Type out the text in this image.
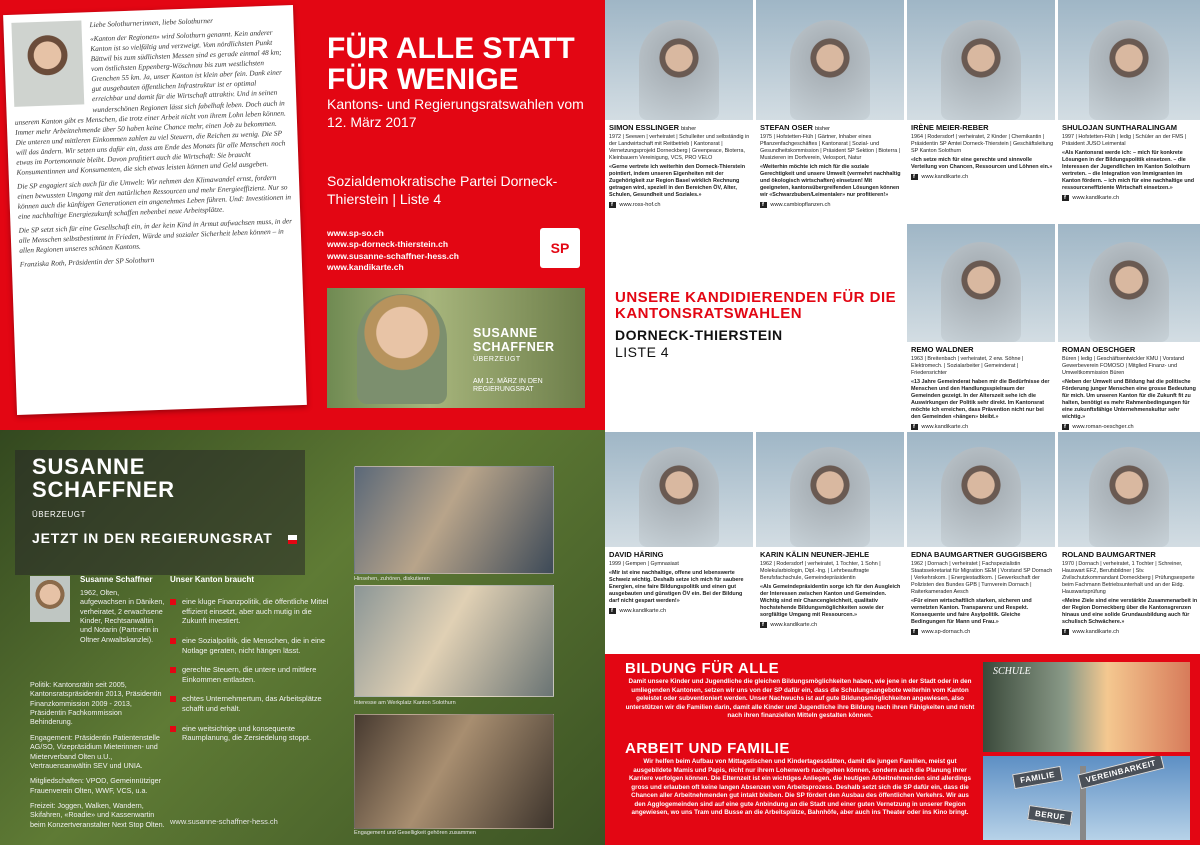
Liebe Solothurnerinnen, liebe Solothurner

«Kanton der Regionen» wird Solothurn genannt. Kein anderer Kanton ist so vielfältig und verzweigt. Vom nördlichsten Punkt Bättwil bis zum südlichsten Messen sind es gerade einmal 48 km; vom östlichsten Eppenberg-Wöschnau bis zum westlichsten Grenchen 55 km. Ja, unser Kanton ist klein aber fein. Dank einer gut ausgebauten öffentlichen Infrastruktur ist er optimal erreichbar und damit für die Wirtschaft attraktiv. Und in seinen wunderschönen Regionen lässt sich fabelhaft leben. Doch auch in unserem Kanton gibt es Menschen, die trotz einer Arbeit nicht von ihrem Lohn leben können. Immer mehr Arbeitnehmende über 50 haben keine Chance mehr, einen Job zu bekommen. Die unteren und mittleren Einkommen zahlen zu viel Steuern, die Reichen zu wenig. Die SP will das ändern. Wir setzen uns dafür ein, dass am Ende des Monats für alle Menschen noch etwas im Portemonnaie bleibt. Davon profitiert auch die Wirtschaft: Sie braucht Konsumentinnen und Konsumenten, die sich etwas leisten können und Geld ausgeben.

Die SP engagiert sich auch für die Umwelt: Wir nehmen den Klimawandel ernst, fordern einen bewussten Umgang mit den natürlichen Ressourcen und mehr Energieeffizienz. Nur so können auch die künftigen Generationen ein angenehmes Leben führen. Und: Investitionen in eine nachhaltige Energiezukunft schaffen nebenbei neue Arbeitsplätze.

Die SP setzt sich für eine Gesellschaft ein, in der kein Kind in Armut aufwachsen muss, in der alle Menschen selbstbestimmt in Frieden, Würde und sozialer Sicherheit leben können – in allen Regionen unseres schönen Kantons.

Franziska Roth, Präsidentin der SP Solothurn

FÜR ALLE STATT FÜR WENIGE
Kantons- und Regierungsratswahlen vom 12. März 2017
Sozialdemokratische Partei Dorneck-Thierstein | Liste 4
www.sp-so.ch
www.sp-dorneck-thierstein.ch
www.susanne-schaffner-hess.ch
www.kandikarte.ch
SP
SUSANNE SCHAFFNER
ÜBERZEUGT
AM 12. MÄRZ IN DEN REGIERUNGSRAT
SUSANNE SCHAFFNER
ÜBERZEUGT
JETZT IN DEN REGIERUNGSRAT
Susanne Schaffner
1962, Olten, aufgewachsen in Däniken, verheiratet, 2 erwachsene Kinder, Rechtsanwältin und Notarin (Partnerin in Oltner Anwaltskanzlei).

Politik: Kantonsrätin seit 2005, Kantonsratspräsidentin 2013, Präsidentin Finanzkommission 2009 - 2013, Präsidentin Fachkommission Behinderung.

Engagement: Präsidentin Patientenstelle AG/SO, Vizepräsidium Mieterinnen- und Mieterverband Olten u.U., Vertrauensanwältin SEV und UNIA.

Mitgliedschaften: VPOD, Gemeinnütziger Frauenverein Olten, WWF, VCS, u.a.

Freizeit: Joggen, Walken, Wandern, Skifahren, «Roadie» und Kassenwartin beim Konzertveranstalter Next Stop Olten.

Unser Kanton braucht
eine kluge Finanzpolitik, die öffentliche Mittel effizient einsetzt, aber auch mutig in die Zukunft investiert.
eine Sozialpolitik, die Menschen, die in eine Notlage geraten, nicht hängen lässt.
gerechte Steuern, die untere und mittlere Einkommen entlasten.
echtes Unternehmertum, das Arbeitsplätze schafft und erhält.
eine weitsichtige und konsequente Raumplanung, die Zersiedelung stoppt.
www.susanne-schaffner-hess.ch
Hinsehen, zuhören, diskutieren
Interesse am Werkplatz Kanton Solothurn
Engagement und Geselligkeit gehören zusammen
SIMON ESSLINGER bisher
1972 | Seewen | verheiratet | Schulleiter und selbständig in der Landwirtschaft mit Reitbetrieb | Kantonsrat | Vernetzungsprojekt Dorneckberg | Greenpeace, Bioterra, Kleinbauern Vereinigung, VCS, PRO VELO
«Gerne vertrete ich weiterhin den Dorneck-Thierstein pointiert, indem unseren Eigenheiten mit der Zugehörigkeit zur Region Basel wirklich Rechnung getragen wird, speziell in den Bereichen ÖV, Alter, Schulen, Gesundheit und Soziales.»
f www.ross-hof.ch
STEFAN OSER bisher
1975 | Hofstetten-Flüh | Gärtner, Inhaber eines Pflanzenfachgeschäftes | Kantonsrat | Sozial- und Gesundheitskommission | Präsident SP Sektion | Bioterra | Musizieren im Dorfverein, Velosport, Natur
«Weiterhin möchte ich mich für die soziale Gerechtigkeit und unsere Umwelt (vermehrt nachhaltig und ökologisch wirtschaften) einsetzen! Mit geeigneten, kantonsübergreifenden Lösungen können wir «Schwarzbuben/Leimentaler» nur profitieren!»
f www.cambiopflanzen.ch
IRÈNE MEIER-REBER
1964 | Rodersdorf | verheiratet, 2 Kinder | Chemikantin | Präsidentin SP Amtei Dorneck-Thierstein | Geschäftsleitung SP Kanton Solothurn
«Ich setze mich für eine gerechte und sinnvolle Verteilung von Chancen, Ressourcen und Löhnen ein.»
f www.kandikarte.ch
SHULOJAN SUNTHARALINGAM
1997 | Hofstetten-Flüh | ledig | Schüler an der FMS | Präsident JUSO Leimental
«Als Kantonsrat werde ich: – mich für konkrete Lösungen in der Bildungspolitik einsetzen. – die Interessen der Jugendlichen im Kanton Solothurn vertreten. – die Integration von Immigranten im Kanton fördern. – ich mich für eine nachhaltige und ressourceneffiziente Wirtschaft einsetzen.»
f www.kandikarte.ch
UNSERE KANDIDIERENDEN FÜR DIE KANTONSRATSWAHLEN
DORNECK-THIERSTEIN
LISTE 4	REMO WALDNER
1963 | Breitenbach | verheiratet, 2 erw. Söhne | Elektromech. | Sozialarbeiter | Gemeinderat | Friedensrichter
«13 Jahre Gemeinderat haben mir die Bedürfnisse der Menschen und den Handlungsspielraum der Gemeinden gezeigt. In der Alterszeit sehe ich die Auswirkungen der Politik sehr direkt. Im Kantonsrat möchte ich erreichen, dass Prävention nicht nur bei den Gemeinden «hängen» bleibt.»
f www.kandikarte.ch
ROMAN OESCHGER
Büren | ledig | Geschäftsentwickler KMU | Vorstand Gewerbeverein FOMOSO | Mitglied Finanz- und Umweltkommission Büren
«Neben der Umwelt und Bildung hat die politische Förderung junger Menschen eine grosse Bedeutung für mich. Um unseren Kanton für die Zukunft fit zu halten, benötigt es mehr Rahmenbedingungen für eine zukunftsfähige Unternehmenskultur sehr wichtig.»
f www.roman-oeschger.ch
DAVID HÄRING
1999 | Gempen | Gymnasiast
«Mir ist eine nachhaltige, offene und lebenswerte Schweiz wichtig. Deshalb setze ich mich für saubere Energien, eine faire Bildungspolitik und einen gut ausgebauten und günstigen ÖV ein. Bei der Bildung darf nicht gespart werden!»
f www.kandikarte.ch
KARIN KÄLIN NEUNER-JEHLE
1962 | Rodersdorf | verheiratet, 1 Tochter, 1 Sohn | Molekularbiologin, Dipl.-Ing. | Lehrbeauftragte Berufsfachschule, Gemeindepräsidentin
«Als Gemeindepräsidentin sorge ich für den Ausgleich der Interessen zwischen Kanton und Gemeinden. Wichtig sind mir Chancengleichheit, qualitativ hochstehende Bildungsmöglichkeiten sowie der sorgfältige Umgang mit Ressourcen.»
f www.kandikarte.ch
EDNA BAUMGARTNER GUGGISBERG
1962 | Dornach | verheiratet | Fachspezialistin Staatssekretariat für Migration SEM | Vorstand SP Dornach | Verkehrskom. | Energiestadtkom. | Gewerkschaft der Polizisten des Bundes GPB | Turnverein Dornach | Raiterkameraden Aesch
«Für einen wirtschaftlich starken, sicheren und vernetzten Kanton. Transparenz und Respekt. Konsequente und faire Asylpolitik. Gleiche Bedingungen für Mann und Frau.»
f www.sp-dornach.ch
ROLAND BAUMGARTNER
1970 | Dornach | verheiratet, 1 Tochter | Schreiner, Hauswart EFZ, Berufsbildner | Stv. Zivilschutzkommandant Dorneckberg | Prüfungsexperte beim Fachmann Betriebsunterhalt und an der Eidg. Hauswartsprüfung
«Meine Ziele sind eine verstärkte Zusammenarbeit in der Region Dorneckberg über die Kantonsgrenzen hinaus und eine solide Grundausbildung auch für schulisch Schwächere.»
f www.kandikarte.ch
BILDUNG FÜR ALLE
Damit unsere Kinder und Jugendliche die gleichen Bildungsmöglichkeiten haben, wie jene in der Stadt oder in den umliegenden Kantonen, setzen wir uns von der SP dafür ein, dass die Schulungsangebote weiterhin vom Kanton geleistet oder subventioniert werden. Unser Nachwuchs ist auf gute Bildungsmöglichkeiten angewiesen, also unterstützen wir die Familien darin, damit alle Kinder und Jugendliche ihre Bildung nach ihren Fähigkeiten und nicht nach ihren finanziellen Mitteln gestalten können.
ARBEIT UND FAMILIE
Wir helfen beim Aufbau von Mittagstischen und Kindertagesstätten, damit die jungen Familien, meist gut ausgebildete Mamis und Papis, nicht nur ihrem Lohenwerb nachgehen können, sondern auch die Planung ihrer Karriere verfolgen können. Die Elternzeit ist ein wichtiges Anliegen, die heutigen Arbeitnehmenden sind allerdings gross und erlauben oft keine langen Absenzen vom Arbeitsprozess. Deshalb setzt sich die SP dafür ein, dass die Chancen aller Arbeitnehmenden gut intakt bleiben. Die SP fördert den Ausbau des öffentlichen Verkehrs. Wir aus den Agglogemeinden sind auf eine gute Anbindung an die Stadt und einer guten Vernetzung in unserer Region angewiesen, wo uns Tram und Busse an die Arbeitsplätze, Bahnhöfe, aber auch ins Theater oder ins Kino bringt.
SCHULE
FAMILIE	VEREINBARKEIT
BERUF
